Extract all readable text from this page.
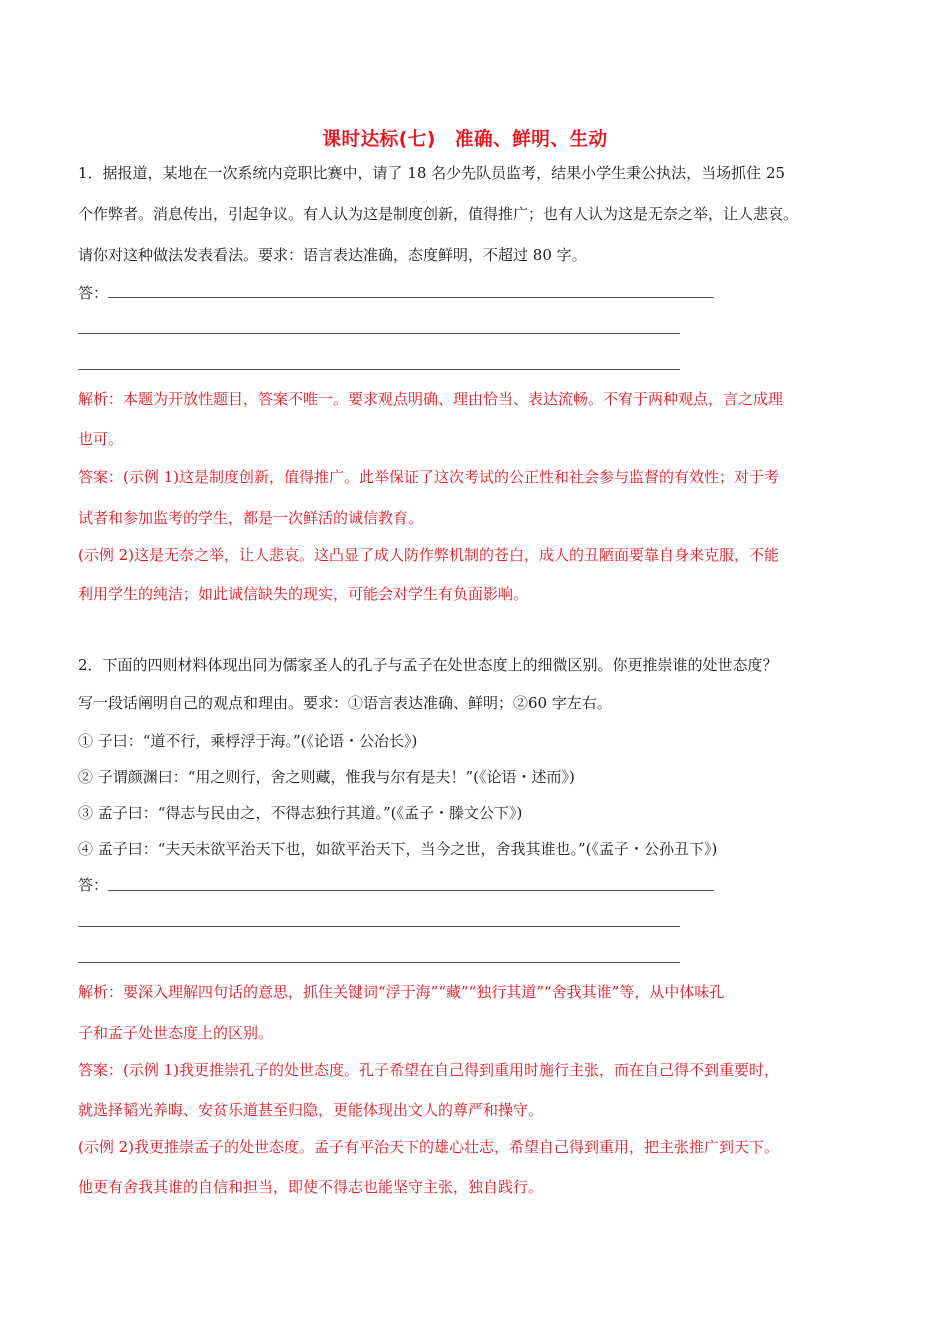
课时达标(七)　准确、鲜明、生动
1．据报道，某地在一次系统内竞职比赛中，请了 18 名少先队员监考，结果小学生秉公执法，当场抓住 25
个作弊者。消息传出，引起争议。有人认为这是制度创新，值得推广；也有人认为这是无奈之举，让人悲哀。
请你对这种做法发表看法。要求：语言表达准确，态度鲜明，不超过 80 字。
答：
解析：本题为开放性题目，答案不唯一。要求观点明确、理由恰当、表达流畅。不宥于两种观点，言之成理
也可。
答案：(示例 1)这是制度创新，值得推广。此举保证了这次考试的公正性和社会参与监督的有效性；对于考
试者和参加监考的学生，都是一次鲜活的诚信教育。
(示例 2)这是无奈之举，让人悲哀。这凸显了成人防作弊机制的苍白，成人的丑陋面要靠自身来克服，不能
利用学生的纯洁；如此诚信缺失的现实，可能会对学生有负面影响。
2．下面的四则材料体现出同为儒家圣人的孔子与孟子在处世态度上的细微区别。你更推崇谁的处世态度？
写一段话阐明自己的观点和理由。要求：①语言表达准确、鲜明；②60 字左右。
① 子曰：“道不行，乘桴浮于海。”(《论语・公冶长》)
② 子谓颜渊曰：“用之则行，舍之则藏，惟我与尔有是夫！”(《论语・述而》)
③ 孟子曰：“得志与民由之，不得志独行其道。”(《孟子・滕文公下》)
④ 孟子曰：“夫天未欲平治天下也，如欲平治天下，当今之世，舍我其谁也。”(《孟子・公孙丑下》)
答：
解析：要深入理解四句话的意思，抓住关键词“浮于海”“藏”“独行其道”“舍我其谁”等，从中体味孔
子和孟子处世态度上的区别。
答案：(示例 1)我更推崇孔子的处世态度。孔子希望在自己得到重用时施行主张，而在自己得不到重要时，
就选择韬光养晦、安贫乐道甚至归隐，更能体现出文人的尊严和操守。
(示例 2)我更推崇孟子的处世态度。孟子有平治天下的雄心壮志，希望自己得到重用，把主张推广到天下。
他更有舍我其谁的自信和担当，即使不得志也能坚守主张，独自践行。
